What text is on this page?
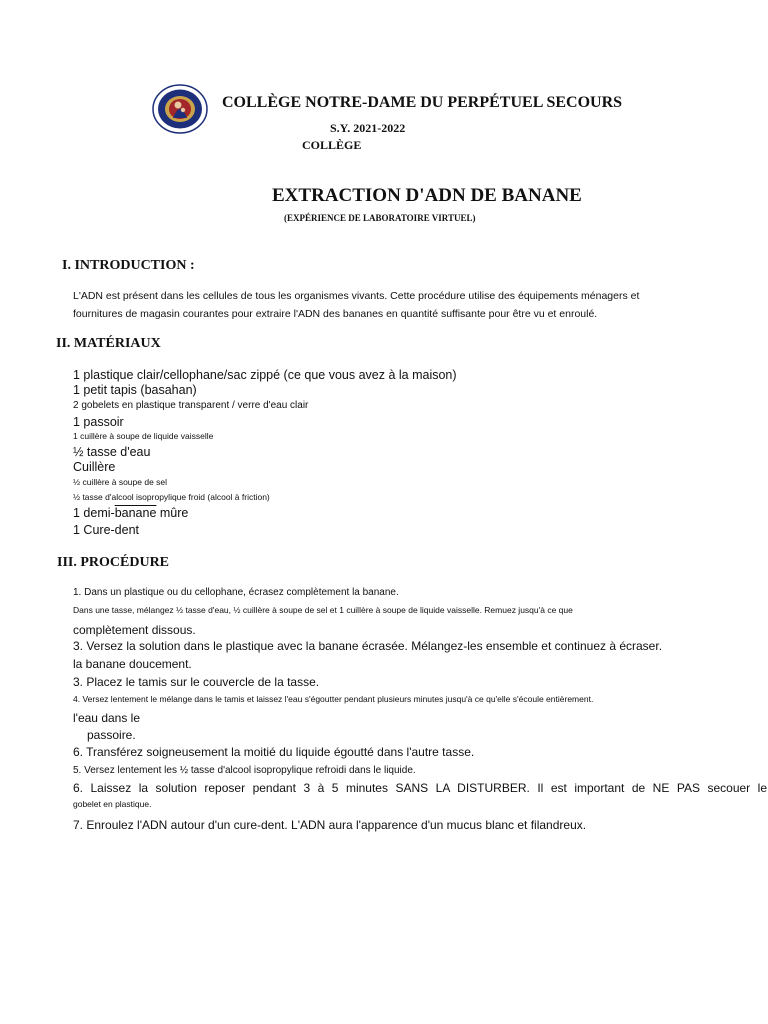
COLLÈGE NOTRE-DAME DU PERPÉTUEL SECOURS

S.Y. 2021-2022

COLLÈGE

EXTRACTION D'ADN DE BANANE

(EXPÉRIENCE DE LABORATOIRE VIRTUEL)

I. INTRODUCTION :

L'ADN est présent dans les cellules de tous les organismes vivants. Cette procédure utilise des équipements ménagers et

fournitures de magasin courantes pour extraire l'ADN des bananes en quantité suffisante pour être vu et enroulé.

II. MATÉRIAUX

1 plastique clair/cellophane/sac zippé (ce que vous avez à la maison)

1 petit tapis (basahan)

2 gobelets en plastique transparent / verre d'eau clair

1 passoir

1 cuillère à soupe de liquide vaisselle

½ tasse d'eau

Cuillère

½ cuillère à soupe de sel

½ tasse d'alcool isopropylique froid (alcool à friction)

1 demi-banane mûre

1 Cure-dent

III. PROCÉDURE

1. Dans un plastique ou du cellophane, écrasez complètement la banane.

Dans une tasse, mélangez ½ tasse d'eau, ½ cuillère à soupe de sel et 1 cuillère à soupe de liquide vaisselle. Remuez jusqu'à ce que

complètement dissous.

3. Versez la solution dans le plastique avec la banane écrasée. Mélangez-les ensemble et continuez à écraser.

la banane doucement.

3. Placez le tamis sur le couvercle de la tasse.

4. Versez lentement le mélange dans le tamis et laissez l'eau s'égoutter pendant plusieurs minutes jusqu'à ce qu'elle s'écoule entièrement.

l'eau dans le

passoire.

6. Transférez soigneusement la moitié du liquide égoutté dans l'autre tasse.

5. Versez lentement les ½ tasse d'alcool isopropylique refroidi dans le liquide.

6. Laissez la solution reposer pendant 3 à 5 minutes SANS LA DISTURBER. Il est important de NE PAS secouer le

gobelet en plastique.

7. Enroulez l'ADN autour d'un cure-dent. L'ADN aura l'apparence d'un mucus blanc et filandreux.
